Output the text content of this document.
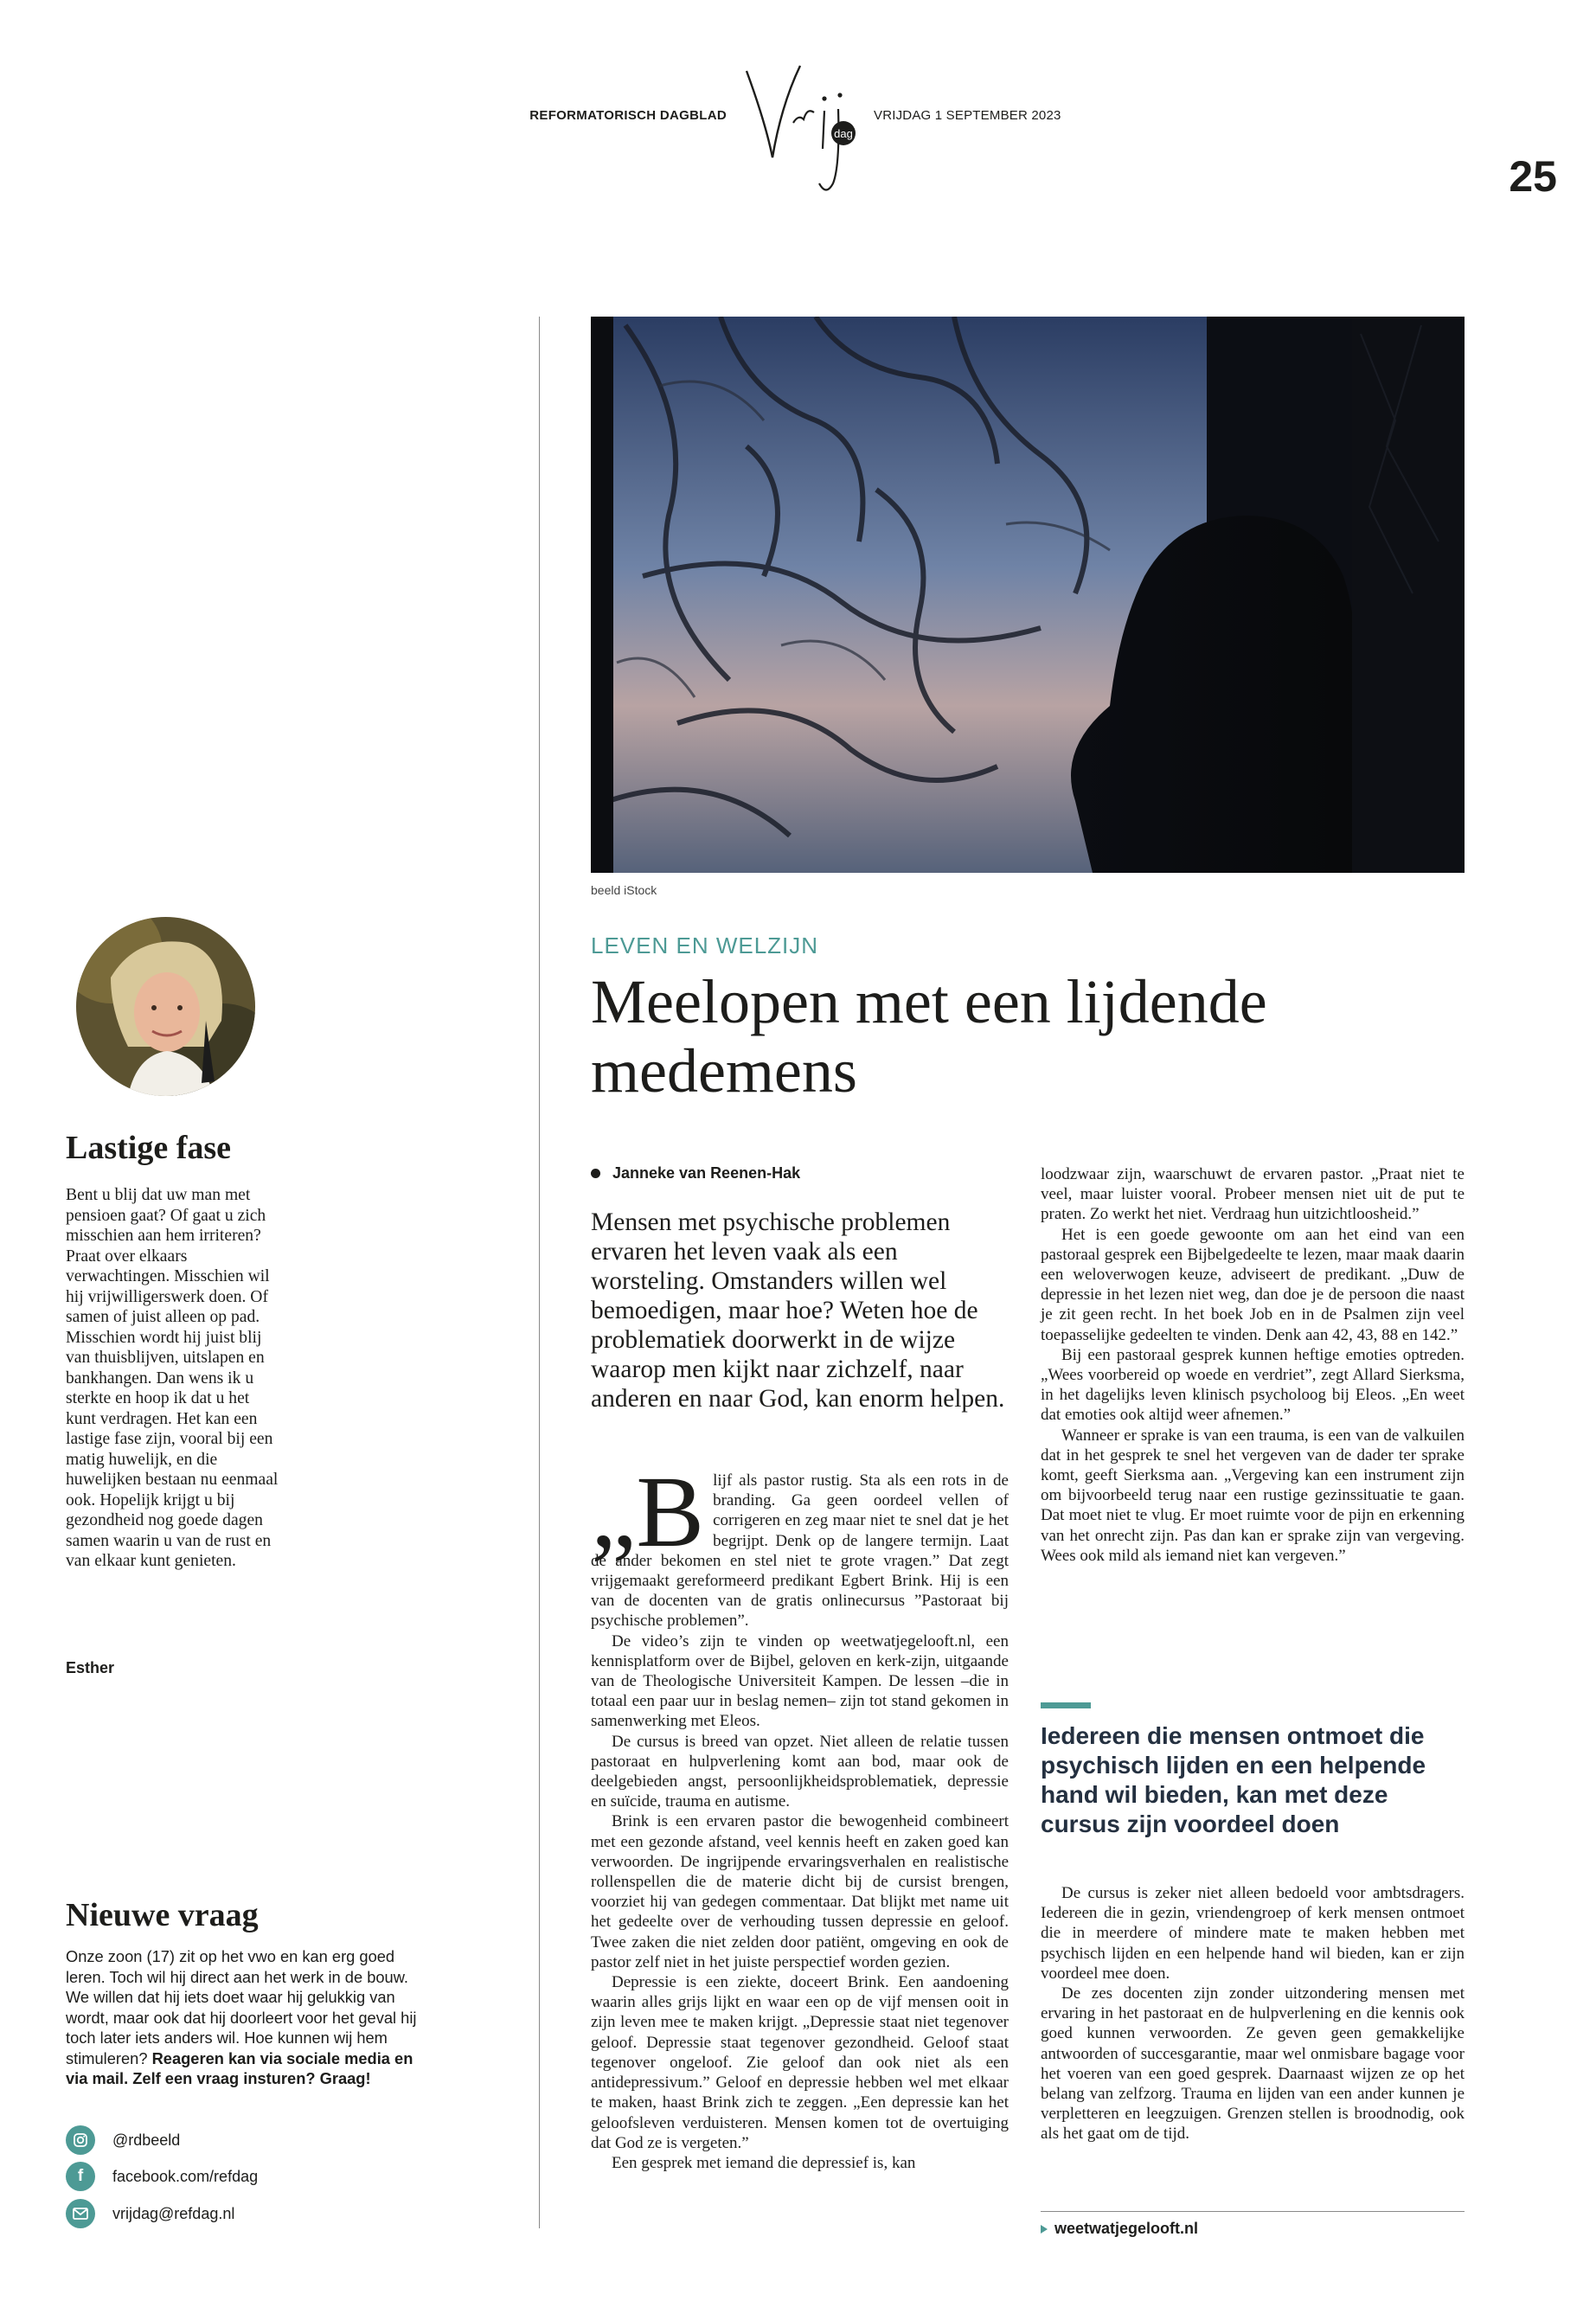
REFORMATORISCH DAGBLAD
dag
VRIJDAG 1 SEPTEMBER 2023
25
beeld iStock
Lastige fase
Bent u blij dat uw man met pensioen gaat? Of gaat u zich misschien aan hem irriteren? Praat over elkaars verwachtingen. Misschien wil hij vrijwilligerswerk doen. Of samen of juist alleen op pad. Misschien wordt hij juist blij van thuisblijven, uitslapen en bankhangen. Dan wens ik u sterkte en hoop ik dat u het kunt verdragen. Het kan een lastige fase zijn, vooral bij een matig huwelijk, en die huwelijken bestaan nu eenmaal ook. Hopelijk krijgt u bij gezondheid nog goede dagen samen waarin u van de rust en van elkaar kunt genieten.
Esther
Nieuwe vraag
Onze zoon (17) zit op het vwo en kan erg goed leren. Toch wil hij direct aan het werk in de bouw. We willen dat hij iets doet waar hij gelukkig van wordt, maar ook dat hij doorleert voor het geval hij toch later iets anders wil. Hoe kunnen wij hem stimuleren? Reageren kan via sociale media en via mail. Zelf een vraag insturen? Graag!
@rdbeeld
f	facebook.com/refdag
vrijdag@refdag.nl
LEVEN EN WELZIJN
Meelopen met een lijdende medemens
Janneke van Reenen-Hak
Mensen met psychische problemen ervaren het leven vaak als een worsteling. Omstanders willen wel bemoedigen, maar hoe? Weten hoe de problematiek doorwerkt in de wijze waarop men kijkt naar zichzelf, naar anderen en naar God, kan enorm helpen.

„Blijf als pastor rustig. Sta als een rots in de branding. Ga geen oordeel vellen of corrigeren en zeg maar niet te snel dat je het begrijpt. Denk op de langere termijn. Laat de ander bekomen en stel niet te grote vragen.” Dat zegt vrijgemaakt gereformeerd predikant Egbert Brink. Hij is een van de docenten van de gratis onlinecursus ”Pastoraat bij psychische problemen”.

De video’s zijn te vinden op weetwatjegelooft.nl, een kennisplatform over de Bijbel, geloven en kerk-zijn, uitgaande van de Theologische Universiteit Kampen. De lessen –die in totaal een paar uur in beslag nemen– zijn tot stand gekomen in samenwerking met Eleos.

De cursus is breed van opzet. Niet alleen de relatie tussen pastoraat en hulpverlening komt aan bod, maar ook de deelgebieden angst, persoonlijkheidsproblematiek, depressie en suïcide, trauma en autisme.

Brink is een ervaren pastor die bewogenheid combineert met een gezonde afstand, veel kennis heeft en zaken goed kan verwoorden. De ingrijpende ervaringsverhalen en realistische rollenspellen die de materie dicht bij de cursist brengen, voorziet hij van gedegen commentaar. Dat blijkt met name uit het gedeelte over de verhouding tussen depressie en geloof. Twee zaken die niet zelden door patiënt, omgeving en ook de pastor zelf niet in het juiste perspectief worden gezien.

Depressie is een ziekte, doceert Brink. Een aandoening waarin alles grijs lijkt en waar een op de vijf mensen ooit in zijn leven mee te maken krijgt. „Depressie staat niet tegenover geloof. Depressie staat tegenover gezondheid. Geloof staat tegenover ongeloof. Zie geloof dan ook niet als een antidepressivum.” Geloof en depressie hebben wel met elkaar te maken, haast Brink zich te zeggen. „Een depressie kan het geloofsleven verduisteren. Mensen komen tot de overtuiging dat God ze is vergeten.”

Een gesprek met iemand die depressief is, kan

loodzwaar zijn, waarschuwt de ervaren pastor. „Praat niet te veel, maar luister vooral. Probeer mensen niet uit de put te praten. Zo werkt het niet. Verdraag hun uitzichtloosheid.”

Het is een goede gewoonte om aan het eind van een pastoraal gesprek een Bijbelgedeelte te lezen, maar maak daarin een weloverwogen keuze, adviseert de predikant. „Duw de depressie in het lezen niet weg, dan doe je de persoon die naast je zit geen recht. In het boek Job en in de Psalmen zijn veel toepasselijke gedeelten te vinden. Denk aan 42, 43, 88 en 142.”

Bij een pastoraal gesprek kunnen heftige emoties optreden. „Wees voorbereid op woede en verdriet”, zegt Allard Sierksma, in het dagelijks leven klinisch psycholoog bij Eleos. „En weet dat emoties ook altijd weer afnemen.”

Wanneer er sprake is van een trauma, is een van de valkuilen dat in het gesprek te snel het vergeven van de dader ter sprake komt, geeft Sierksma aan. „Vergeving kan een instrument zijn om bijvoorbeeld terug naar een rustige gezinssituatie te gaan. Dat moet niet te vlug. Er moet ruimte voor de pijn en erkenning van het onrecht zijn. Pas dan kan er sprake zijn van vergeving. Wees ook mild als iemand niet kan vergeven.”

Iedereen die mensen ontmoet die psychisch lijden en een helpende hand wil bieden, kan met deze cursus zijn voordeel doen

De cursus is zeker niet alleen bedoeld voor ambtsdragers. Iedereen die in gezin, vriendengroep of kerk mensen ontmoet die in meerdere of mindere mate te maken hebben met psychisch lijden en een helpende hand wil bieden, kan er zijn voordeel mee doen.

De zes docenten zijn zonder uitzondering mensen met ervaring in het pastoraat en de hulpverlening en die kennis ook goed kunnen verwoorden. Ze geven geen gemakkelijke antwoorden of succesgarantie, maar wel onmisbare bagage voor het voeren van een goed gesprek. Daarnaast wijzen ze op het belang van zelfzorg. Trauma en lijden van een ander kunnen je verpletteren en leegzuigen. Grenzen stellen is broodnodig, ook als het gaat om de tijd.

weetwatjegelooft.nl
